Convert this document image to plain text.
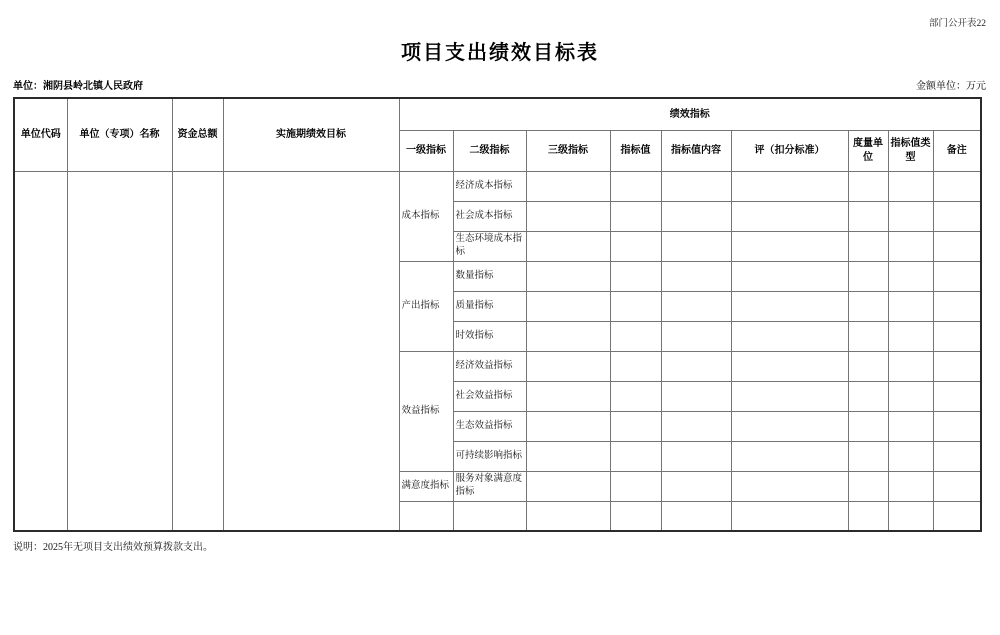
部门公开表22
项目支出绩效目标表
单位：湘阴县岭北镇人民政府	金额单位：万元
单位代码	单位（专项）名称	资金总额	实施期绩效目标	绩效指标								
				一级指标	二级指标	三级指标	指标值	指标值内容	评（扣分标准）	度量单位	指标值类型	备注
				成本指标	经济成本指标							
					社会成本指标							
					生态环境成本指标							
				产出指标	数量指标							
					质量指标							
					时效指标							
				效益指标	经济效益指标							
					社会效益指标							
					生态效益指标							
					可持续影响指标							
				满意度指标	服务对象满意度指标							

说明：2025年无项目支出绩效预算拨款支出。
